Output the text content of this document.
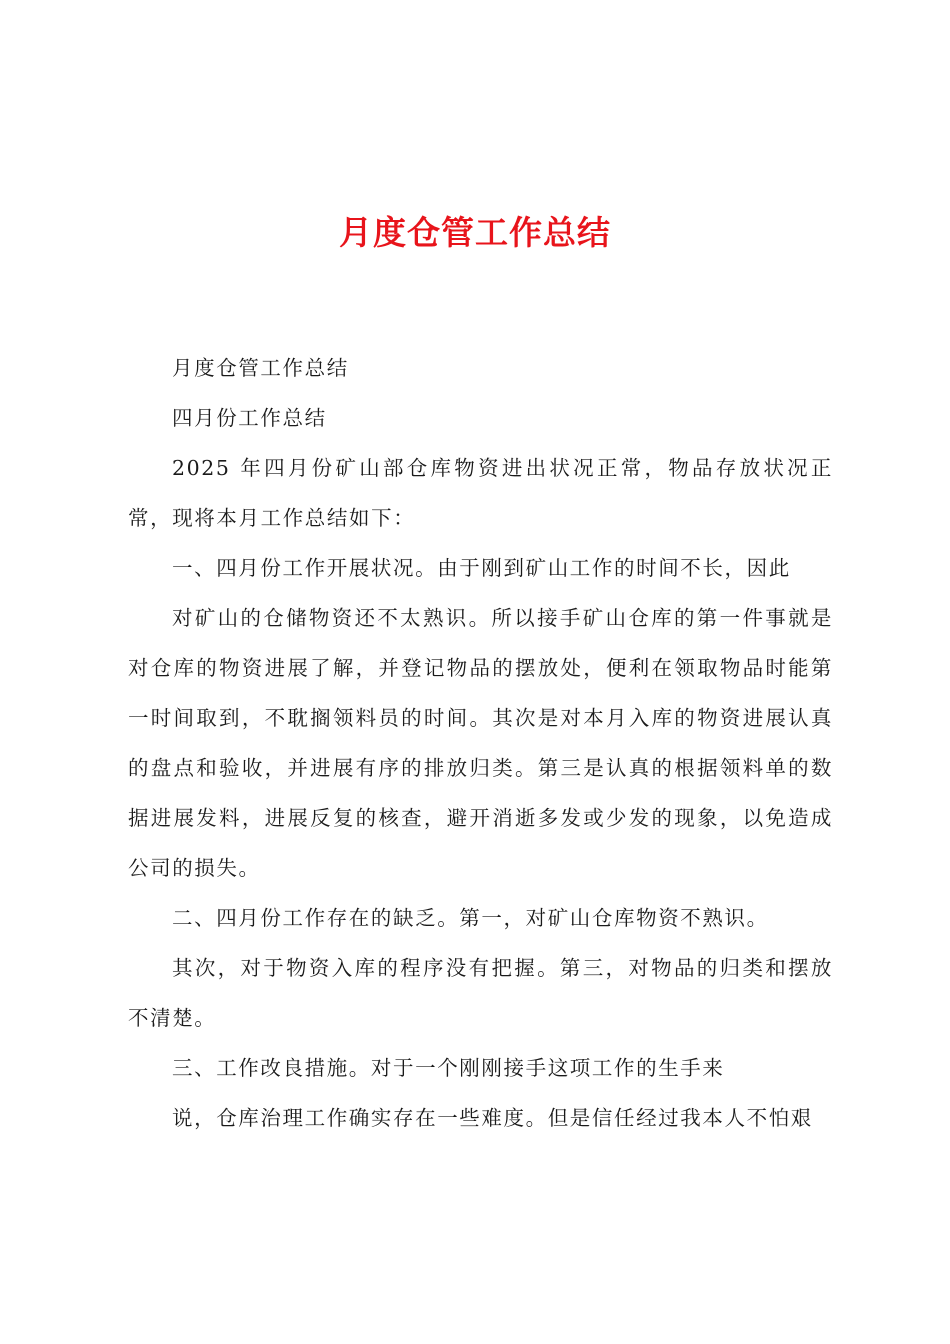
月度仓管工作总结

月度仓管工作总结

四月份工作总结

2025 年四月份矿山部仓库物资进出状况正常，物品存放状况正常，现将本月工作总结如下：

一、四月份工作开展状况。由于刚到矿山工作的时间不长，因此

对矿山的仓储物资还不太熟识。所以接手矿山仓库的第一件事就是对仓库的物资进展了解，并登记物品的摆放处，便利在领取物品时能第一时间取到，不耽搁领料员的时间。其次是对本月入库的物资进展认真的盘点和验收，并进展有序的排放归类。第三是认真的根据领料单的数据进展发料，进展反复的核查，避开消逝多发或少发的现象，以免造成公司的损失。

二、四月份工作存在的缺乏。第一，对矿山仓库物资不熟识。

其次，对于物资入库的程序没有把握。第三，对物品的归类和摆放不清楚。

三、工作改良措施。对于一个刚刚接手这项工作的生手来

说，仓库治理工作确实存在一些难度。但是信任经过我本人不怕艰
